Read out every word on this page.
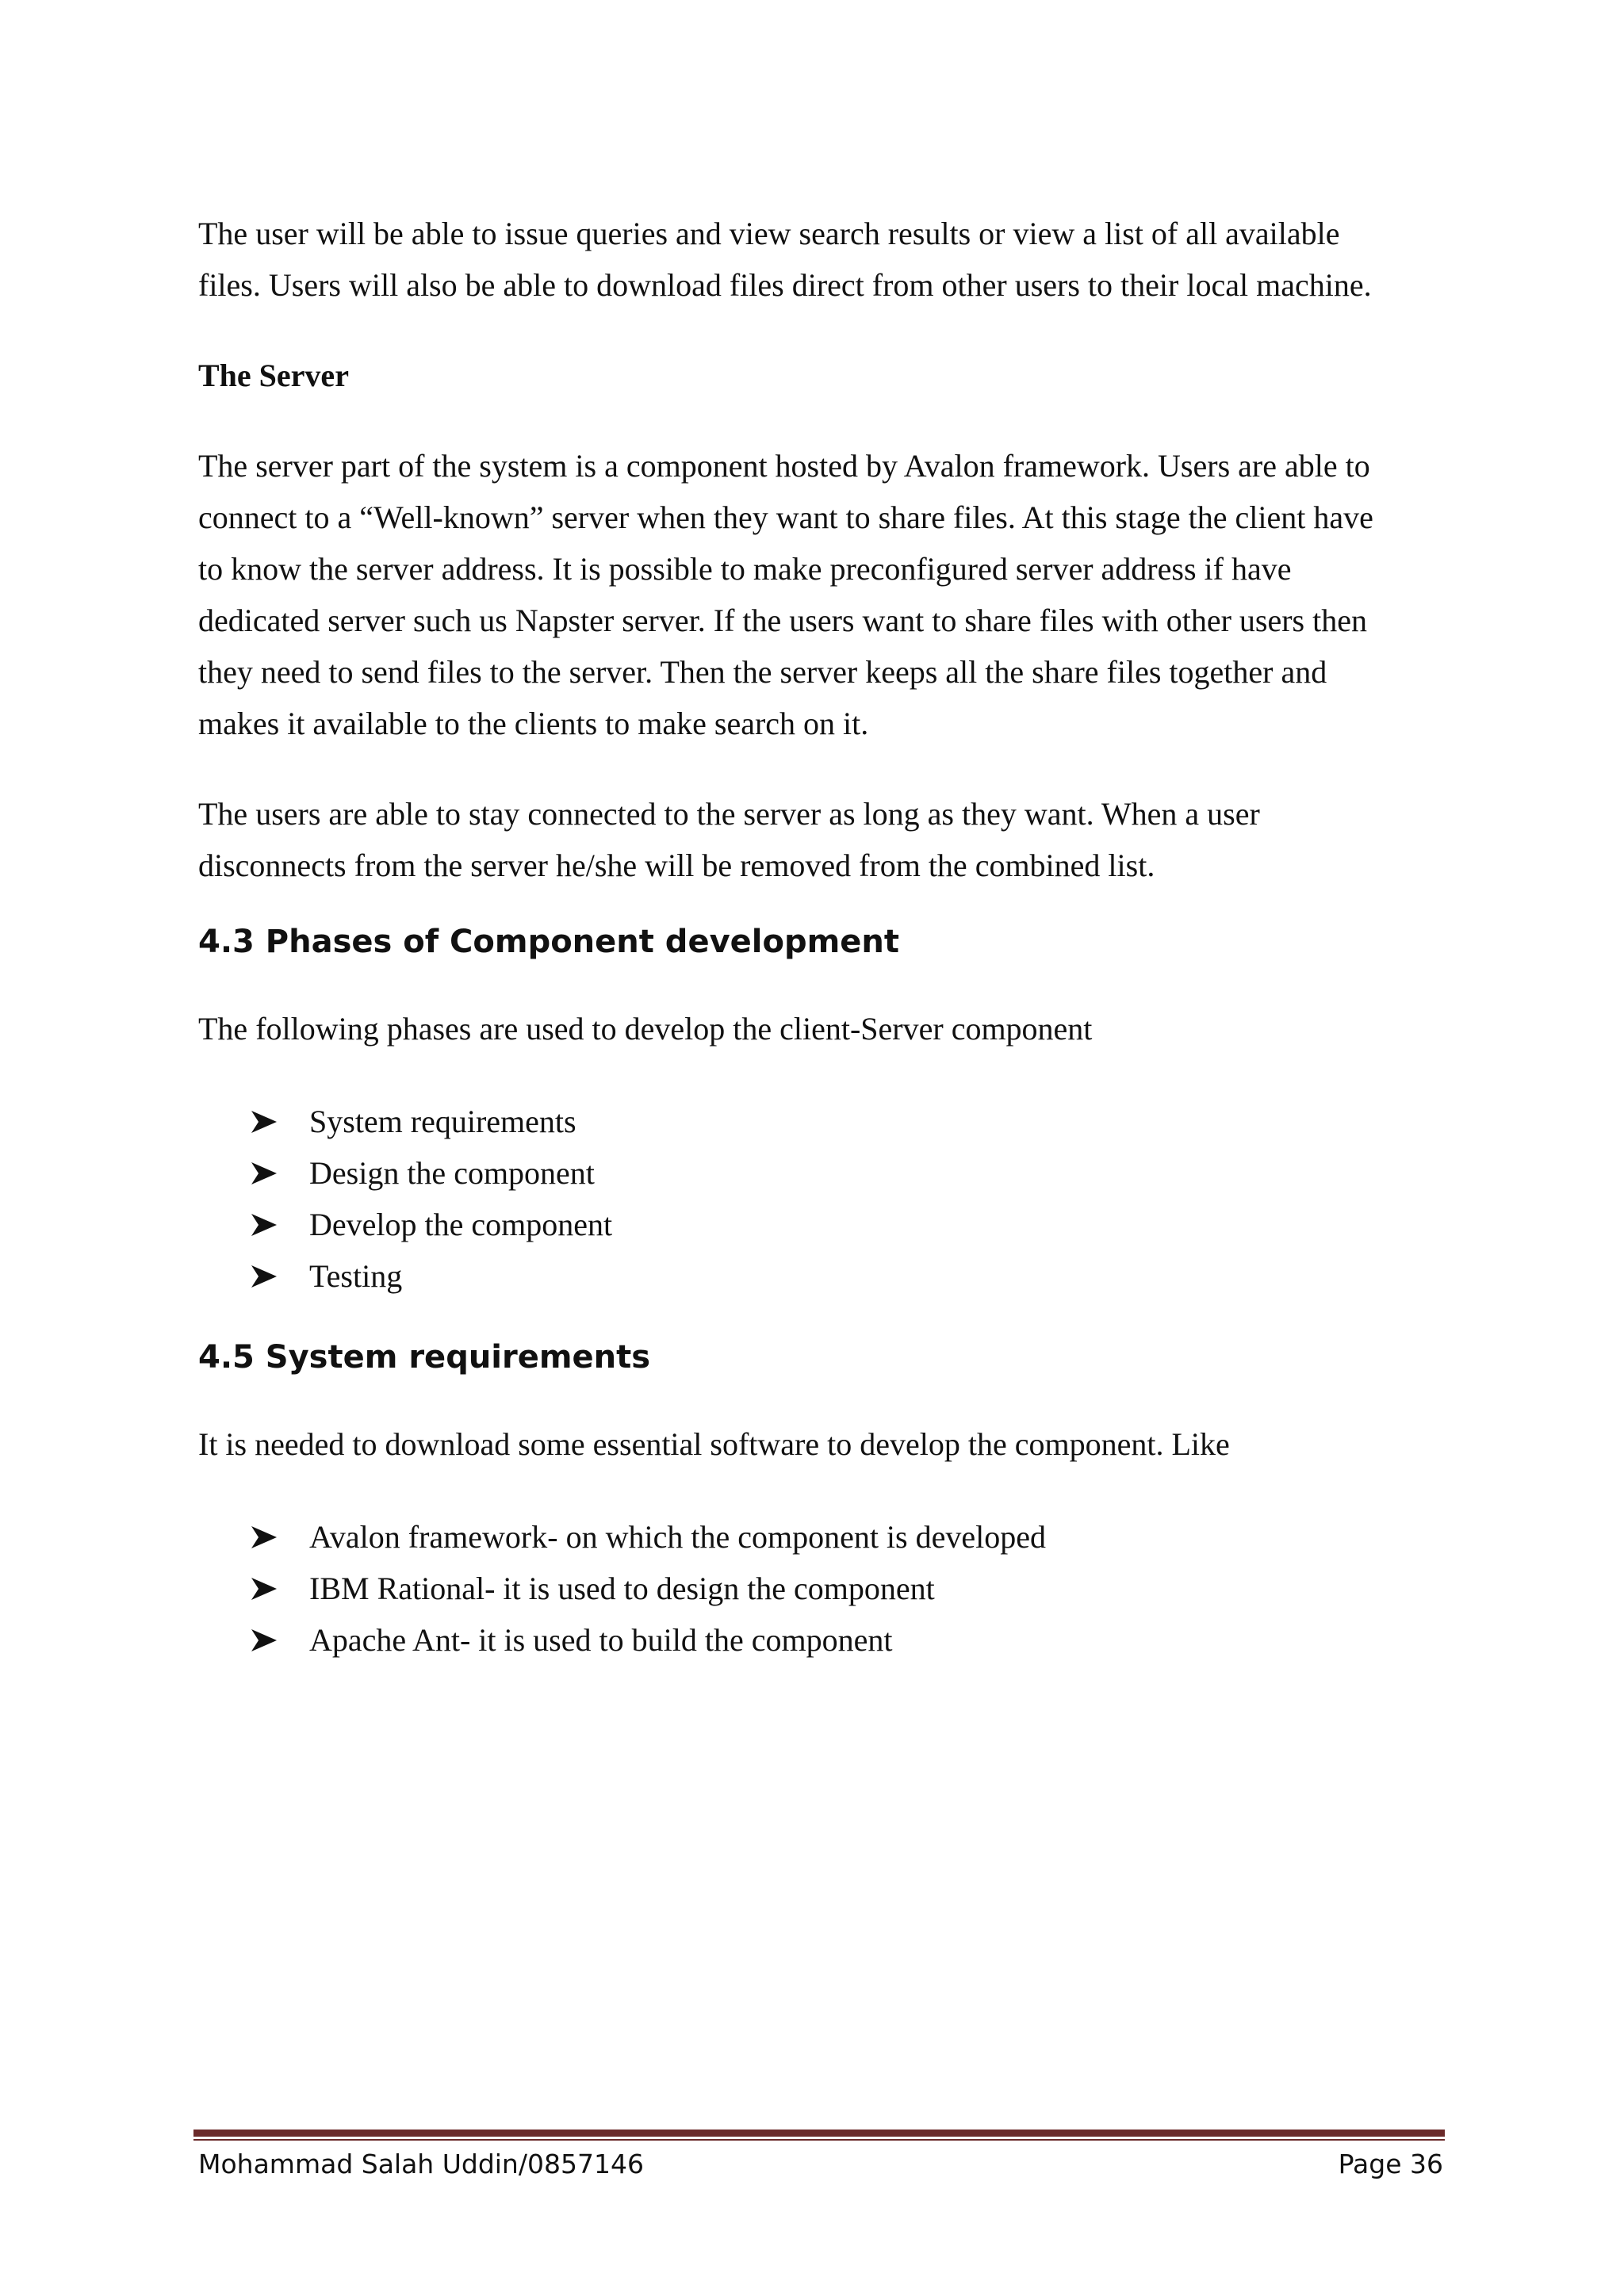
The user will be able to issue queries and view search results or view a list of all available
files. Users will also be able to download files direct from other users to their local machine.
The Server
The server part of the system is a component hosted by Avalon framework. Users are able to
connect to a “Well-known” server when they want to share files. At this stage the client have
to know the server address. It is possible to make preconfigured server address if have
dedicated server such us Napster server. If the users want to share files with other users then
they need to send files to the server. Then the server keeps all the share files together and
makes it available to the clients to make search on it.
The users are able to stay connected to the server as long as they want. When a user
disconnects from the server he/she will be removed from the combined list.
4.3 Phases of Component development
The following phases are used to develop the client-Server component
System requirements
Design the component
Develop the component
Testing
4.5 System requirements
It is needed to download some essential software to develop the component. Like
Avalon framework- on which the component is developed
IBM Rational- it is used to design the component
Apache Ant- it is used to build the component
Mohammad Salah Uddin/0857146	Page 36
